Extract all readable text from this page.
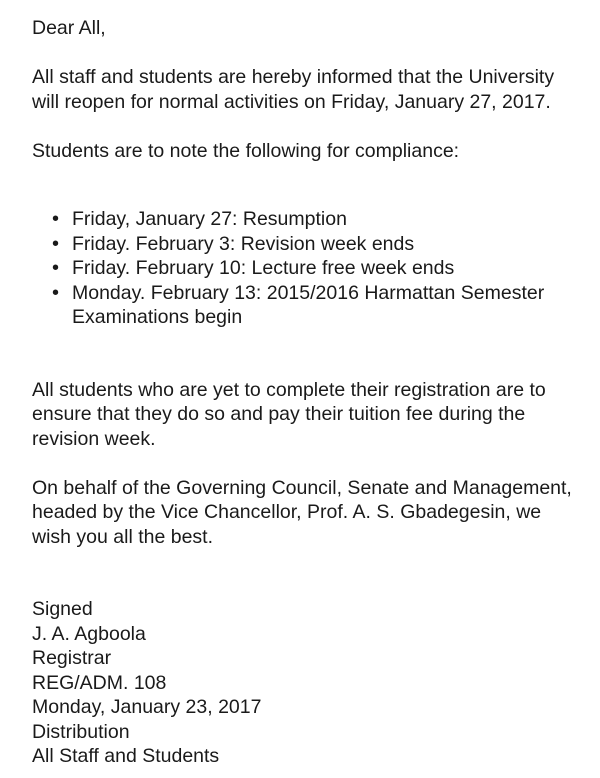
Dear All,

All staff and students are hereby informed that the University will reopen for normal activities on Friday, January 27, 2017.

Students are to note the following for compliance:

• Friday, January 27: Resumption
• Friday. February 3: Revision week ends
• Friday. February 10: Lecture free week ends
• Monday. February 13: 2015/2016 Harmattan Semester Examinations begin

All students who are yet to complete their registration are to ensure that they do so and pay their tuition fee during the revision week.

On behalf of the Governing Council, Senate and Management, headed by the Vice Chancellor, Prof. A. S. Gbadegesin, we wish you all the best.

Signed
J. A. Agboola
Registrar
REG/ADM. 108
Monday, January 23, 2017
Distribution
All Staff and Students
